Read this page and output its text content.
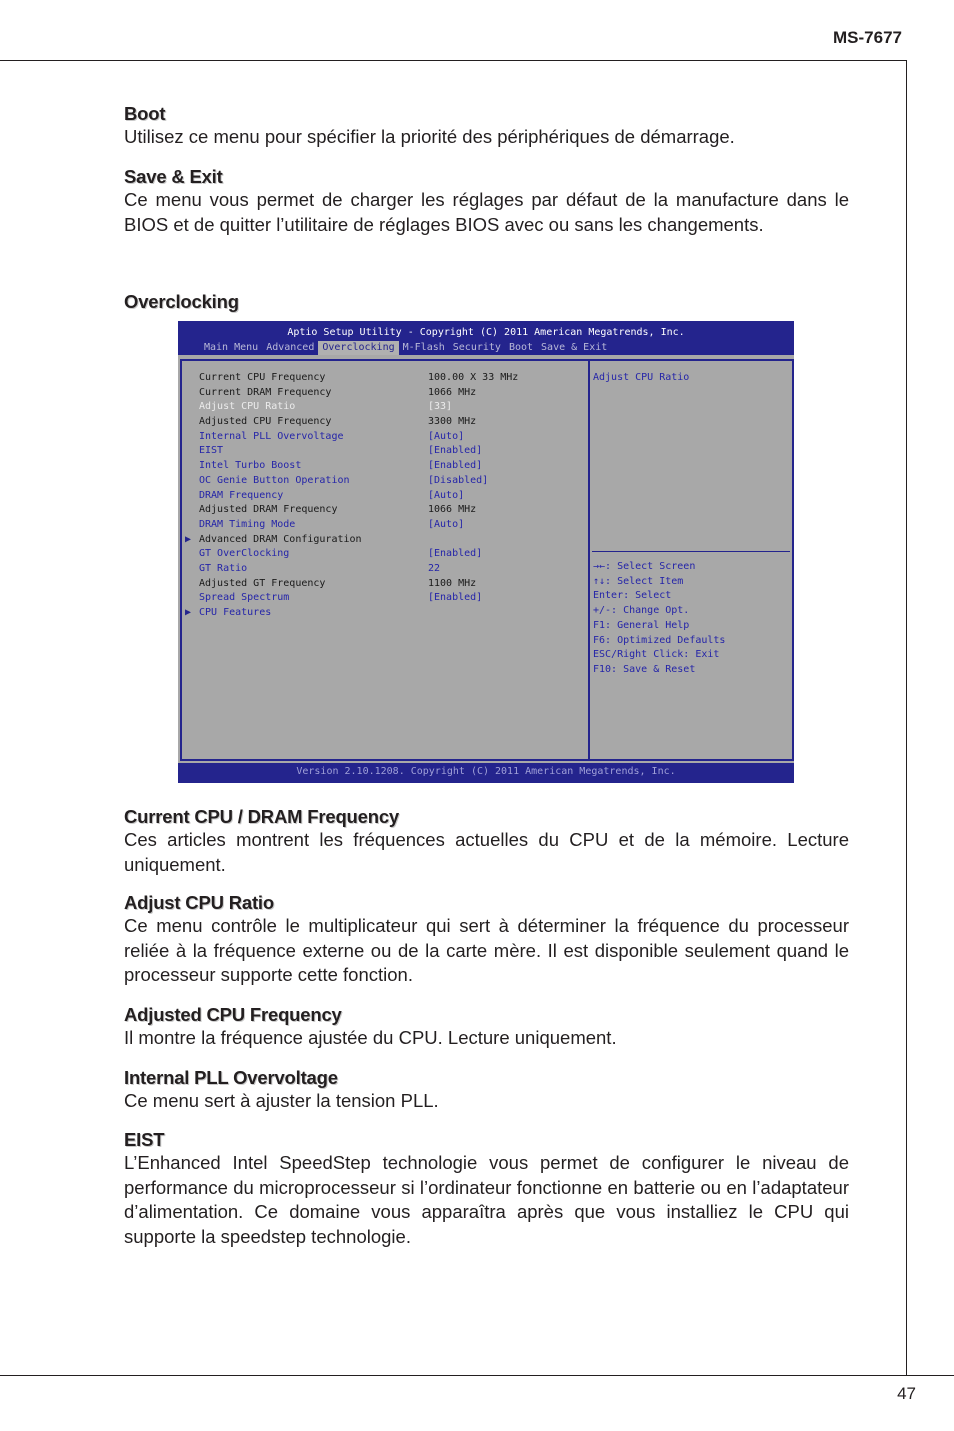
MS-7677

Boot

Utilisez ce menu pour spécifier la priorité des périphériques de démarrage.

Save & Exit

Ce menu vous permet de charger les réglages par défaut de la manufacture dans le BIOS et de quitter l’utilitaire de réglages BIOS avec ou sans les changements.

Overclocking

Aptio Setup Utility - Copyright (C) 2011 American Megatrends, Inc.
Main Menu Advanced Overclocking M-Flash Security Boot Save & Exit
Current CPU Frequency	100.00 X 33 MHz
Current DRAM Frequency	1066 MHz
Adjust CPU Ratio	[33]
Adjusted CPU Frequency	3300 MHz
Internal PLL Overvoltage	[Auto]
EIST	[Enabled]
Intel Turbo Boost	[Enabled]
OC Genie Button Operation	[Disabled]
DRAM Frequency	[Auto]
Adjusted DRAM Frequency	1066 MHz
DRAM Timing Mode	[Auto]
▶ Advanced DRAM Configuration
GT OverClocking	[Enabled]
GT Ratio	22
Adjusted GT Frequency	1100 MHz
Spread Spectrum	[Enabled]
▶ CPU Features
Adjust CPU Ratio
→←: Select Screen
↑↓: Select Item
Enter: Select
+/-: Change Opt.
F1: General Help
F6: Optimized Defaults
ESC/Right Click: Exit
F10: Save & Reset
Version 2.10.1208. Copyright (C) 2011 American Megatrends, Inc.

Current CPU / DRAM Frequency

Ces articles montrent les fréquences actuelles du CPU et de la mémoire. Lecture uniquement.

Adjust CPU Ratio

Ce menu contrôle le multiplicateur qui sert à déterminer la fréquence du processeur reliée à la fréquence externe ou de la carte mère. Il est disponible seulement quand le processeur supporte cette fonction.

Adjusted CPU Frequency

Il montre la fréquence ajustée du CPU. Lecture uniquement.

Internal PLL Overvoltage

Ce menu sert à ajuster la tension PLL.

EIST

L’Enhanced Intel SpeedStep technologie vous permet de configurer le niveau de performance du microprocesseur si l’ordinateur fonctionne en batterie ou en l’adaptateur d’alimentation. Ce domaine vous apparaîtra après que vous installiez le CPU qui supporte la speedstep technologie.

47
